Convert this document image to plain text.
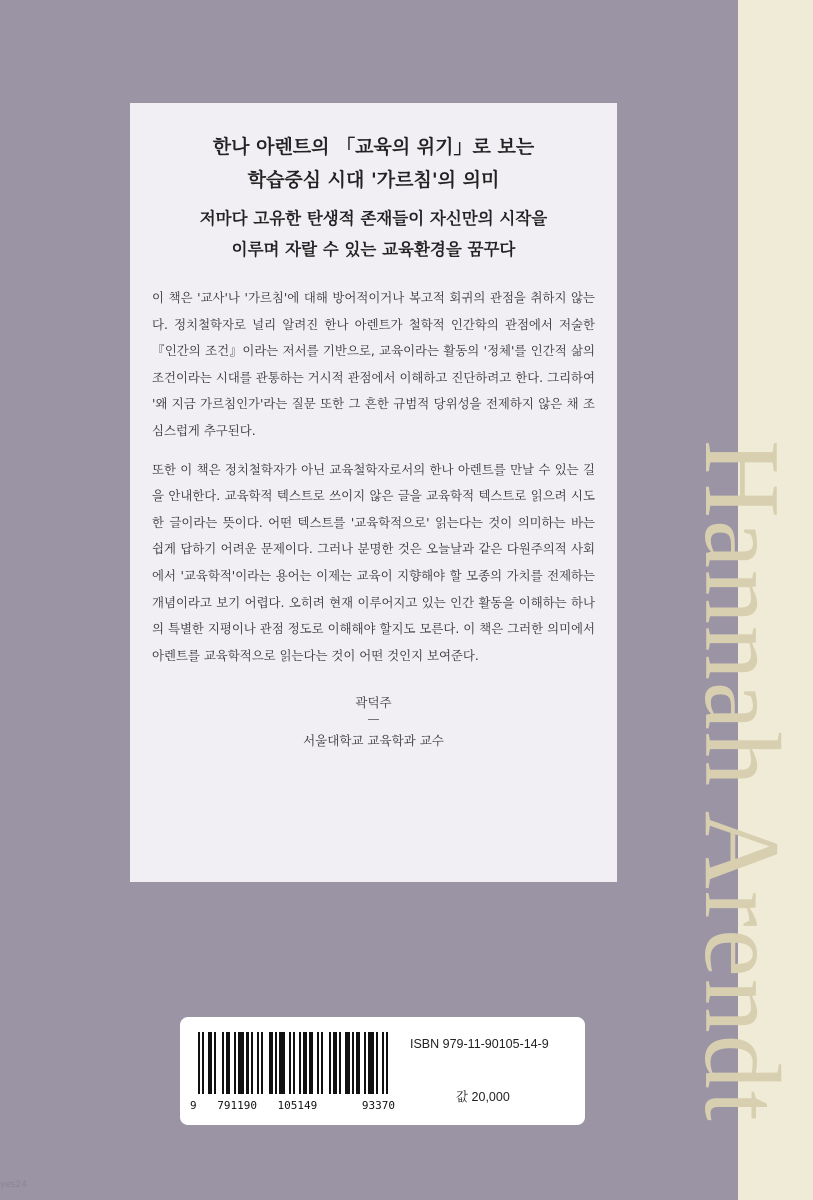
Hannah Arendt
한나 아렌트의 「교육의 위기」로 보는
학습중심 시대 '가르침'의 의미
저마다 고유한 탄생적 존재들이 자신만의 시작을
이루며 자랄 수 있는 교육환경을 꿈꾸다

이 책은 '교사'나 '가르침'에 대해 방어적이거나 복고적 회귀의 관점을 취하지 않는다. 정치철학자로 널리 알려진 한나 아렌트가 철학적 인간학의 관점에서 저술한 『인간의 조건』이라는 저서를 기반으로, 교육이라는 활동의 '정체'를 인간적 삶의 조건이라는 시대를 관통하는 거시적 관점에서 이해하고 진단하려고 한다. 그리하여 '왜 지금 가르침인가'라는 질문 또한 그 흔한 규범적 당위성을 전제하지 않은 채 조심스럽게 추구된다.

또한 이 책은 정치철학자가 아닌 교육철학자로서의 한나 아렌트를 만날 수 있는 길을 안내한다. 교육학적 텍스트로 쓰이지 않은 글을 교육학적 텍스트로 읽으려 시도한 글이라는 뜻이다. 어떤 텍스트를 '교육학적으로' 읽는다는 것이 의미하는 바는 쉽게 답하기 어려운 문제이다. 그러나 분명한 것은 오늘날과 같은 다원주의적 사회에서 '교육학적'이라는 용어는 이제는 교육이 지향해야 할 모종의 가치를 전제하는 개념이라고 보기 어렵다. 오히려 현재 이루어지고 있는 인간 활동을 이해하는 하나의 특별한 지평이나 관점 정도로 이해해야 할지도 모른다. 이 책은 그러한 의미에서 아렌트를 교육학적으로 읽는다는 것이 어떤 것인지 보여준다.

곽덕주
—
서울대학교 교육학과 교수
9 791190 105149	93370
ISBN 979-11-90105-14-9
값 20,000
yes24
